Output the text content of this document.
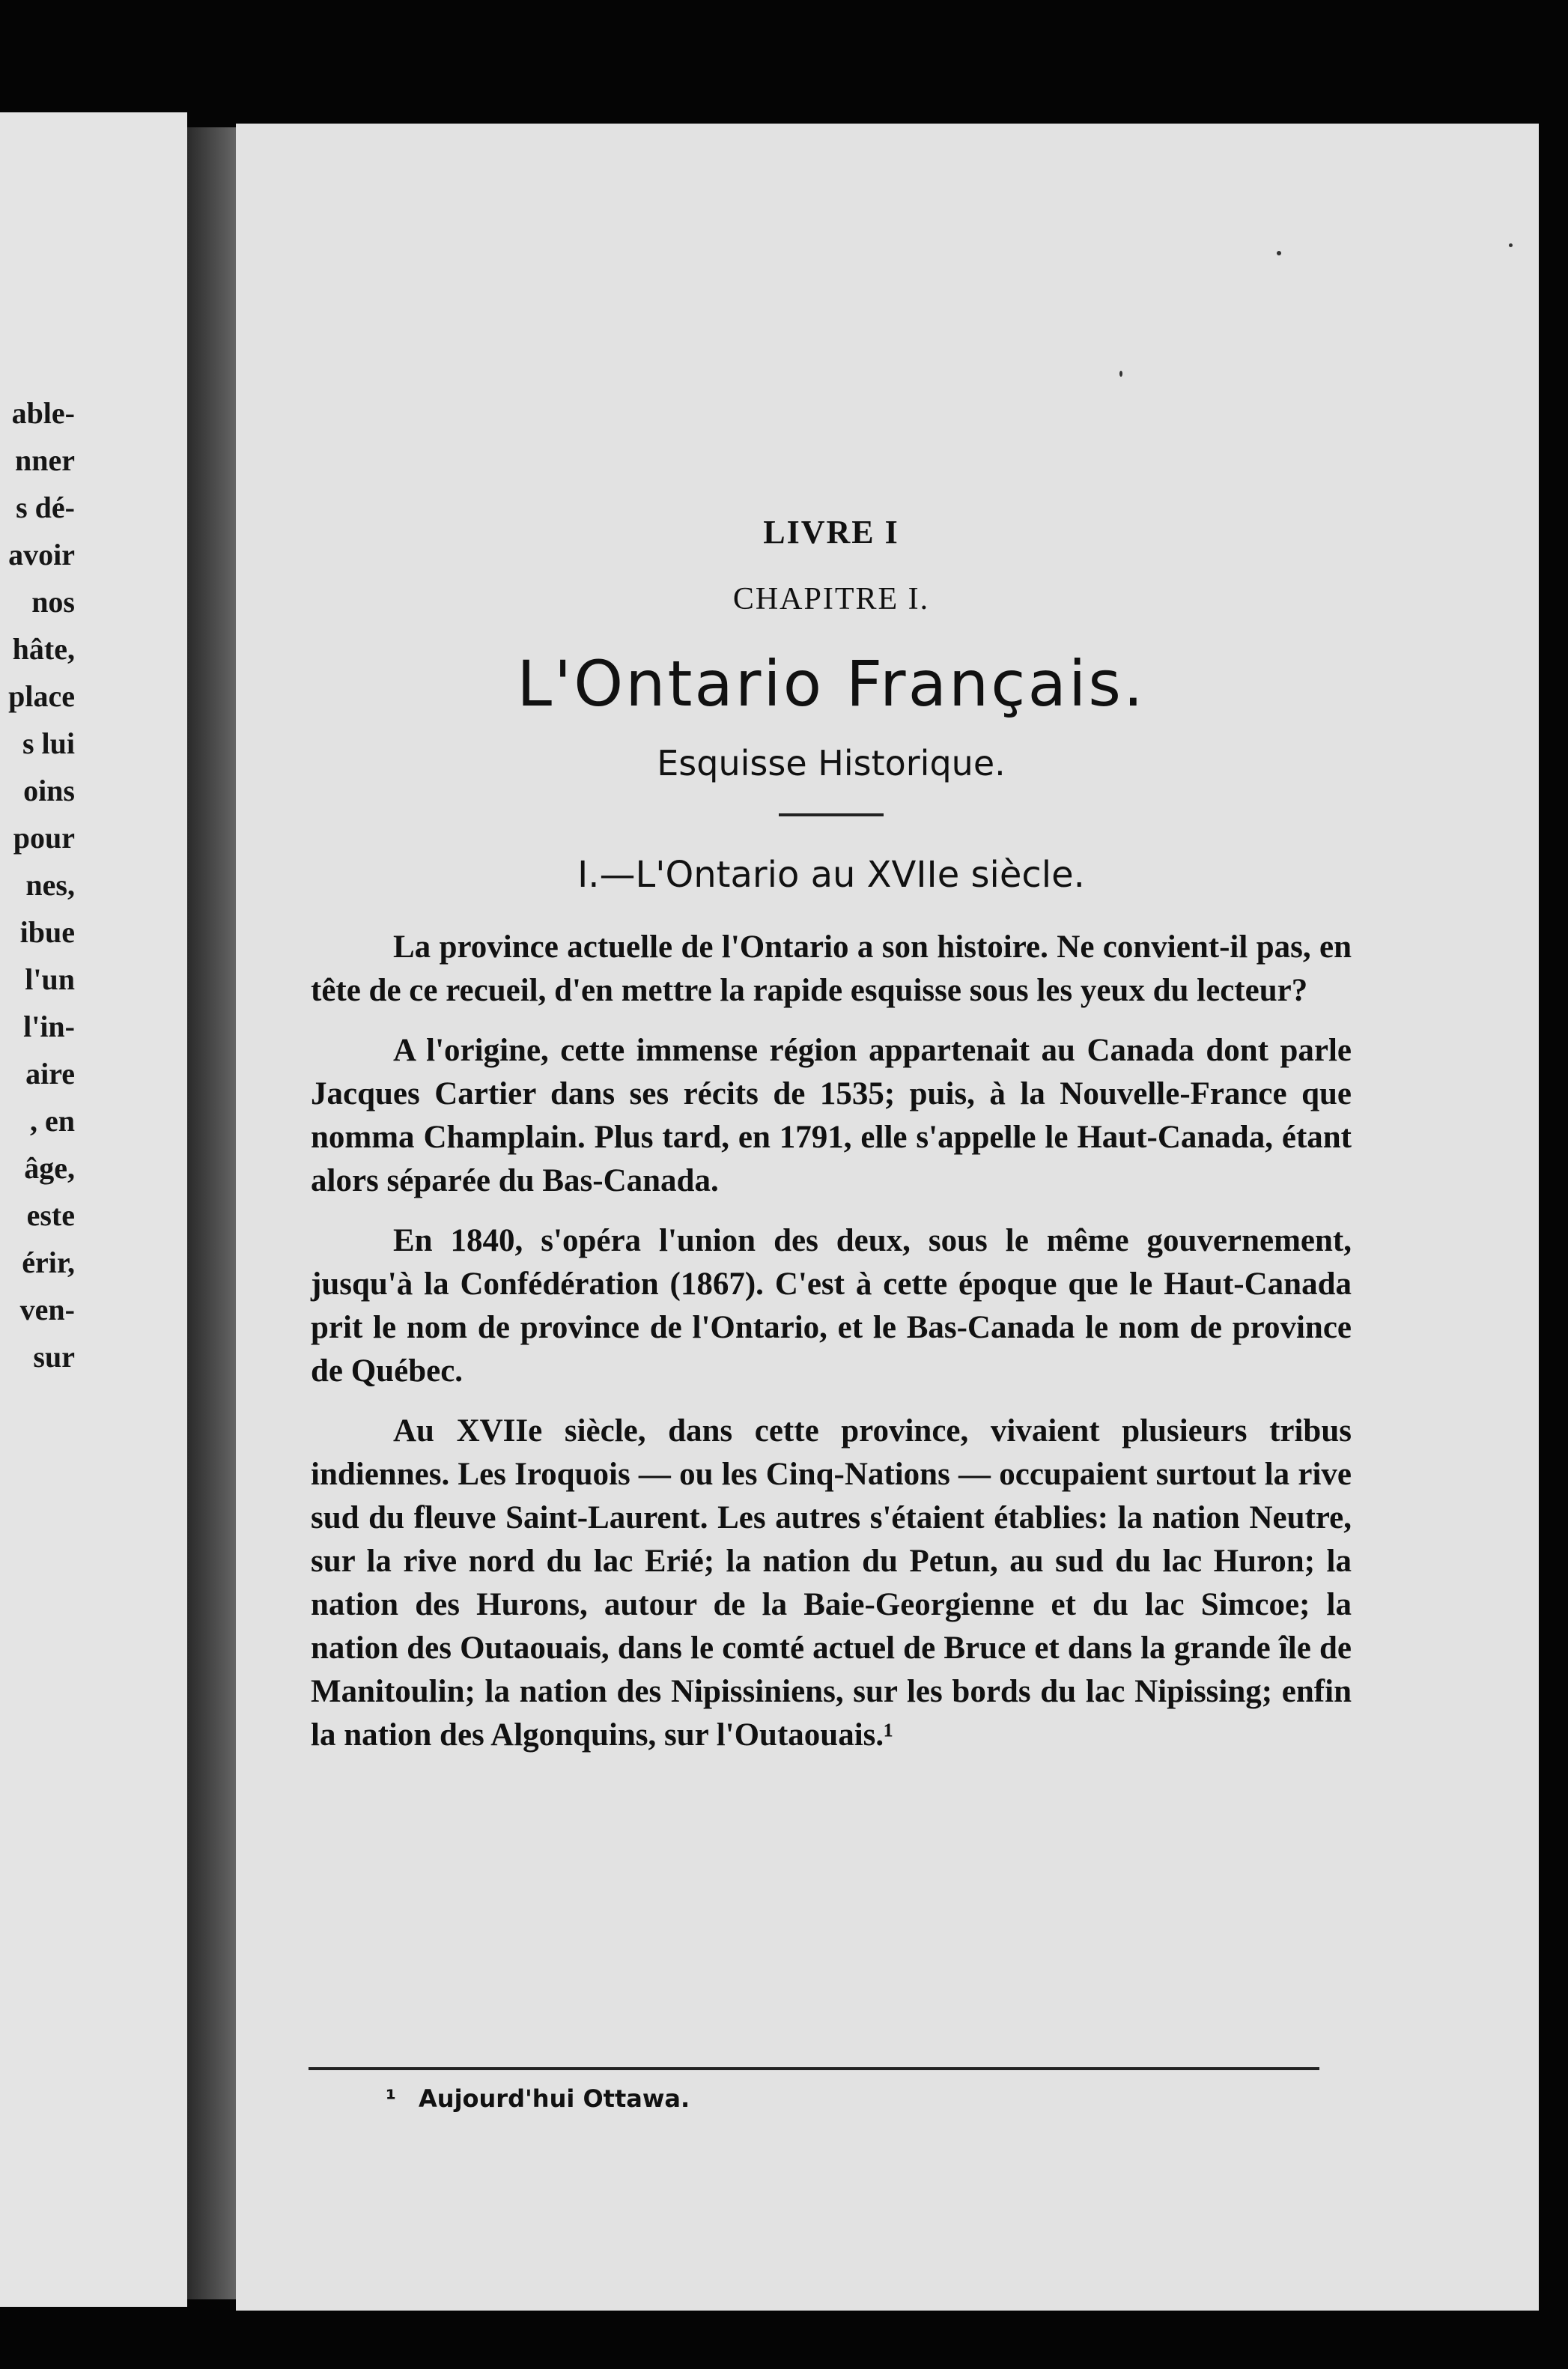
able-
nner
s dé-
avoir
nos
hâte,
place
s lui
oins
pour
nes,
ibue
l'un
l'in-
aire
, en
âge,
este
érir,
ven-
sur
LIVRE I
CHAPITRE I.
L'Ontario Français.
Esquisse Historique.
I.—L'Ontario au XVIIe siècle.

La province actuelle de l'Ontario a son histoire. Ne convient-il pas, en tête de ce recueil, d'en mettre la rapide esquisse sous les yeux du lecteur?

A l'origine, cette immense région appartenait au Canada dont parle Jacques Cartier dans ses récits de 1535; puis, à la Nouvelle-France que nomma Champlain. Plus tard, en 1791, elle s'appelle le Haut-Canada, étant alors séparée du Bas-Canada.

En 1840, s'opéra l'union des deux, sous le même gouvernement, jusqu'à la Confédération (1867). C'est à cette époque que le Haut-Canada prit le nom de province de l'Ontario, et le Bas-Canada le nom de province de Québec.

Au XVIIe siècle, dans cette province, vivaient plusieurs tribus indiennes. Les Iroquois — ou les Cinq-Nations — occupaient surtout la rive sud du fleuve Saint-Laurent. Les autres s'étaient établies: la nation Neutre, sur la rive nord du lac Erié; la nation du Petun, au sud du lac Huron; la nation des Hurons, autour de la Baie-Georgienne et du lac Simcoe; la nation des Outaouais, dans le comté actuel de Bruce et dans la grande île de Manitoulin; la nation des Nipissiniens, sur les bords du lac Nipissing; enfin la nation des Algonquins, sur l'Outaouais.¹

¹ Aujourd'hui Ottawa.
